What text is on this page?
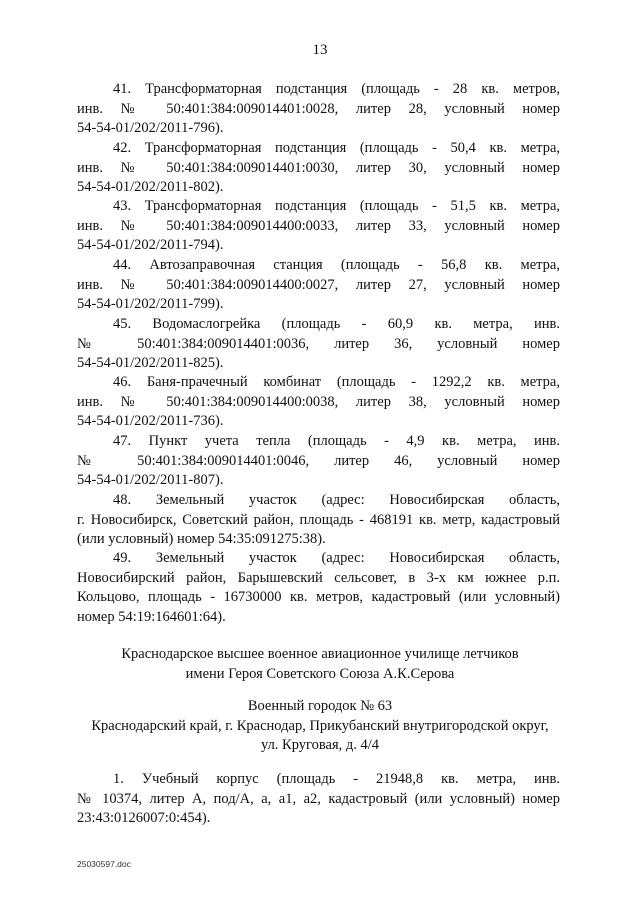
13
41. Трансформаторная подстанция (площадь - 28 кв. метров,
инв. № 50:401:384:009014401:0028, литер 28, условный номер
54-54-01/202/2011-796).
42. Трансформаторная подстанция (площадь - 50,4 кв. метра,
инв. № 50:401:384:009014401:0030, литер 30, условный номер
54-54-01/202/2011-802).
43. Трансформаторная подстанция (площадь - 51,5 кв. метра,
инв. № 50:401:384:009014400:0033, литер 33, условный номер
54-54-01/202/2011-794).
44. Автозаправочная станция (площадь - 56,8 кв. метра,
инв. № 50:401:384:009014400:0027, литер 27, условный номер
54-54-01/202/2011-799).
45. Водомаслогрейка (площадь - 60,9 кв. метра, инв.
№ 50:401:384:009014401:0036, литер 36, условный номер
54-54-01/202/2011-825).
46. Баня-прачечный комбинат (площадь - 1292,2 кв. метра,
инв. № 50:401:384:009014400:0038, литер 38, условный номер
54-54-01/202/2011-736).
47. Пункт учета тепла (площадь - 4,9 кв. метра, инв.
№ 50:401:384:009014401:0046, литер 46, условный номер
54-54-01/202/2011-807).
48. Земельный участок (адрес: Новосибирская область,
г. Новосибирск, Советский район, площадь - 468191 кв. метр, кадастровый
(или условный) номер 54:35:091275:38).
49. Земельный участок (адрес: Новосибирская область,
Новосибирский район, Барышевский сельсовет, в 3-х км южнее р.п.
Кольцово, площадь - 16730000 кв. метров, кадастровый (или условный)
номер 54:19:164601:64).
Краснодарское высшее военное авиационное училище летчиков
имени Героя Советского Союза А.К.Серова
Военный городок № 63
Краснодарский край, г. Краснодар, Прикубанский внутригородской округ,
ул. Круговая, д. 4/4
1. Учебный корпус (площадь - 21948,8 кв. метра, инв.
№ 10374, литер А, под/А, а, а1, а2, кадастровый (или условный) номер
23:43:0126007:0:454).
25030597.doc
